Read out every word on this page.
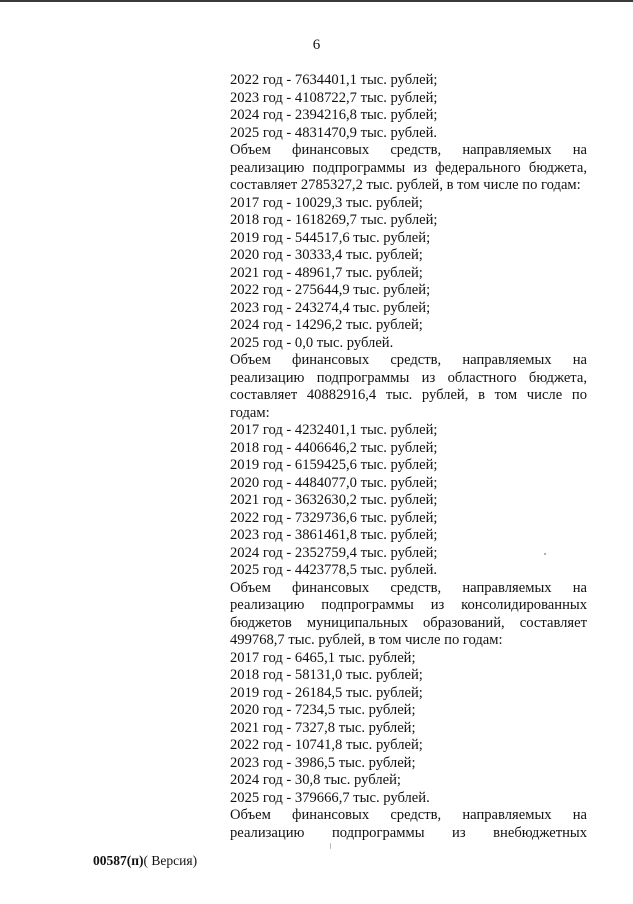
6
2022 год - 7634401,1 тыс. рублей;
2023 год - 4108722,7 тыс. рублей;
2024 год - 2394216,8 тыс. рублей;
2025 год - 4831470,9 тыс. рублей.
Объем финансовых средств, направляемых на
реализацию подпрограммы из федерального бюджета,
составляет 2785327,2 тыс. рублей, в том числе по годам:
2017 год - 10029,3 тыс. рублей;
2018 год - 1618269,7 тыс. рублей;
2019 год - 544517,6 тыс. рублей;
2020 год - 30333,4 тыс. рублей;
2021 год - 48961,7 тыс. рублей;
2022 год - 275644,9 тыс. рублей;
2023 год - 243274,4 тыс. рублей;
2024 год - 14296,2 тыс. рублей;
2025 год - 0,0 тыс. рублей.
Объем финансовых средств, направляемых на
реализацию подпрограммы из областного бюджета,
составляет 40882916,4 тыс. рублей, в том числе по
годам:
2017 год - 4232401,1 тыс. рублей;
2018 год - 4406646,2 тыс. рублей;
2019 год - 6159425,6 тыс. рублей;
2020 год - 4484077,0 тыс. рублей;
2021 год - 3632630,2 тыс. рублей;
2022 год - 7329736,6 тыс. рублей;
2023 год - 3861461,8 тыс. рублей;
2024 год - 2352759,4 тыс. рублей;
2025 год - 4423778,5 тыс. рублей.
Объем финансовых средств, направляемых на
реализацию подпрограммы из консолидированных
бюджетов муниципальных образований, составляет
499768,7 тыс. рублей, в том числе по годам:
2017 год - 6465,1 тыс. рублей;
2018 год - 58131,0 тыс. рублей;
2019 год - 26184,5 тыс. рублей;
2020 год - 7234,5 тыс. рублей;
2021 год - 7327,8 тыс. рублей;
2022 год - 10741,8 тыс. рублей;
2023 год - 3986,5 тыс. рублей;
2024 год - 30,8 тыс. рублей;
2025 год - 379666,7 тыс. рублей.
Объем финансовых средств, направляемых на
реализацию подпрограммы из внебюджетных
00587(п)( Версия)
